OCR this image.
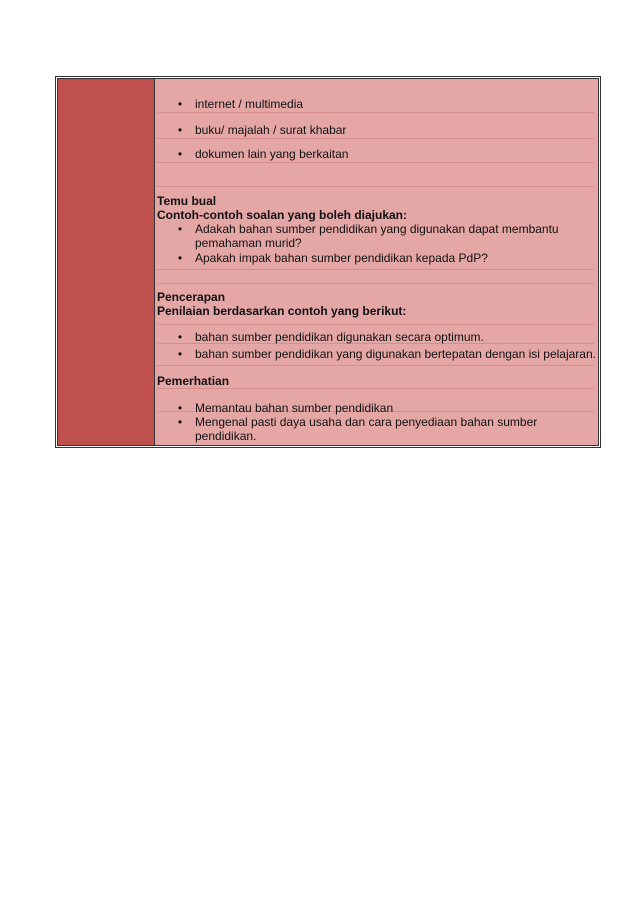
• internet / multimedia
• buku/ majalah / surat khabar
• dokumen lain yang berkaitan
Temu bual
Contoh-contoh soalan yang boleh diajukan:
• Adakah bahan sumber pendidikan yang digunakan dapat membantu
pemahaman murid?
• Apakah impak bahan sumber pendidikan kepada PdP?
Pencerapan
Penilaian berdasarkan contoh yang berikut:
• bahan sumber pendidikan digunakan secara optimum.
• bahan sumber pendidikan yang digunakan bertepatan dengan isi pelajaran.
Pemerhatian
• Memantau bahan sumber pendidikan
• Mengenal pasti daya usaha dan cara penyediaan bahan sumber
pendidikan.
